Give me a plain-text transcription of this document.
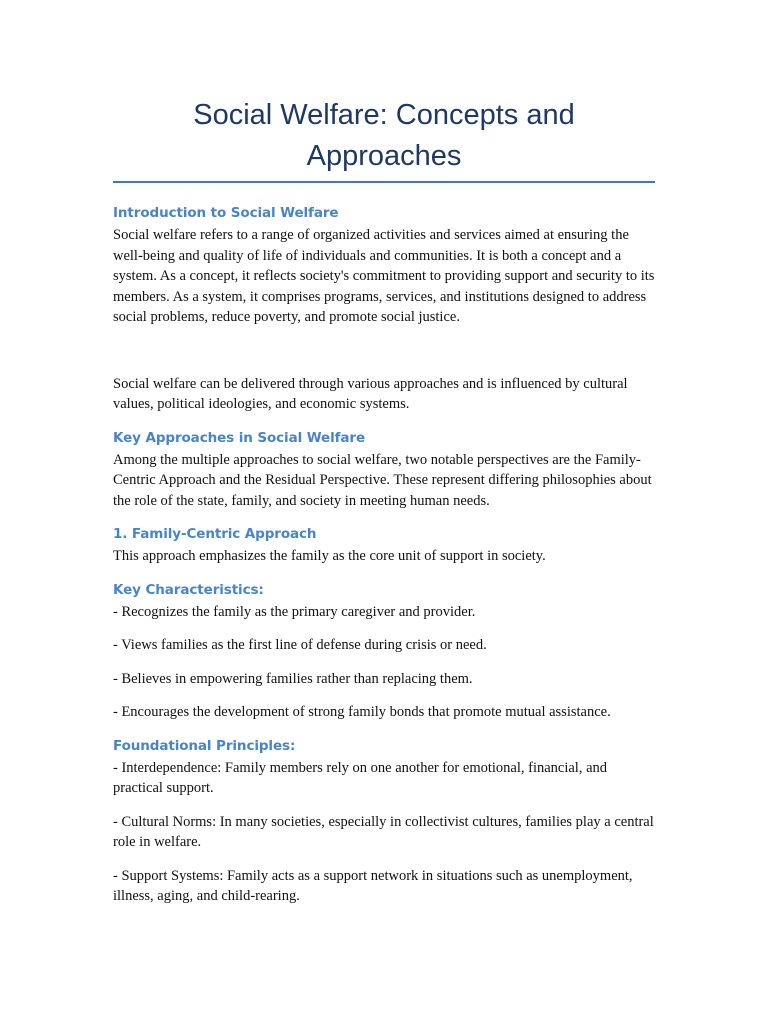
Social Welfare: Concepts and Approaches
Introduction to Social Welfare

Social welfare refers to a range of organized activities and services aimed at ensuring the well-being and quality of life of individuals and communities. It is both a concept and a system. As a concept, it reflects society's commitment to providing support and security to its members. As a system, it comprises programs, services, and institutions designed to address social problems, reduce poverty, and promote social justice.

Social welfare can be delivered through various approaches and is influenced by cultural values, political ideologies, and economic systems.

Key Approaches in Social Welfare

Among the multiple approaches to social welfare, two notable perspectives are the Family-Centric Approach and the Residual Perspective. These represent differing philosophies about the role of the state, family, and society in meeting human needs.

1. Family-Centric Approach

This approach emphasizes the family as the core unit of support in society.

Key Characteristics:

- Recognizes the family as the primary caregiver and provider.

- Views families as the first line of defense during crisis or need.

- Believes in empowering families rather than replacing them.

- Encourages the development of strong family bonds that promote mutual assistance.

Foundational Principles:

- Interdependence: Family members rely on one another for emotional, financial, and practical support.

- Cultural Norms: In many societies, especially in collectivist cultures, families play a central role in welfare.

- Support Systems: Family acts as a support network in situations such as unemployment, illness, aging, and child-rearing.
